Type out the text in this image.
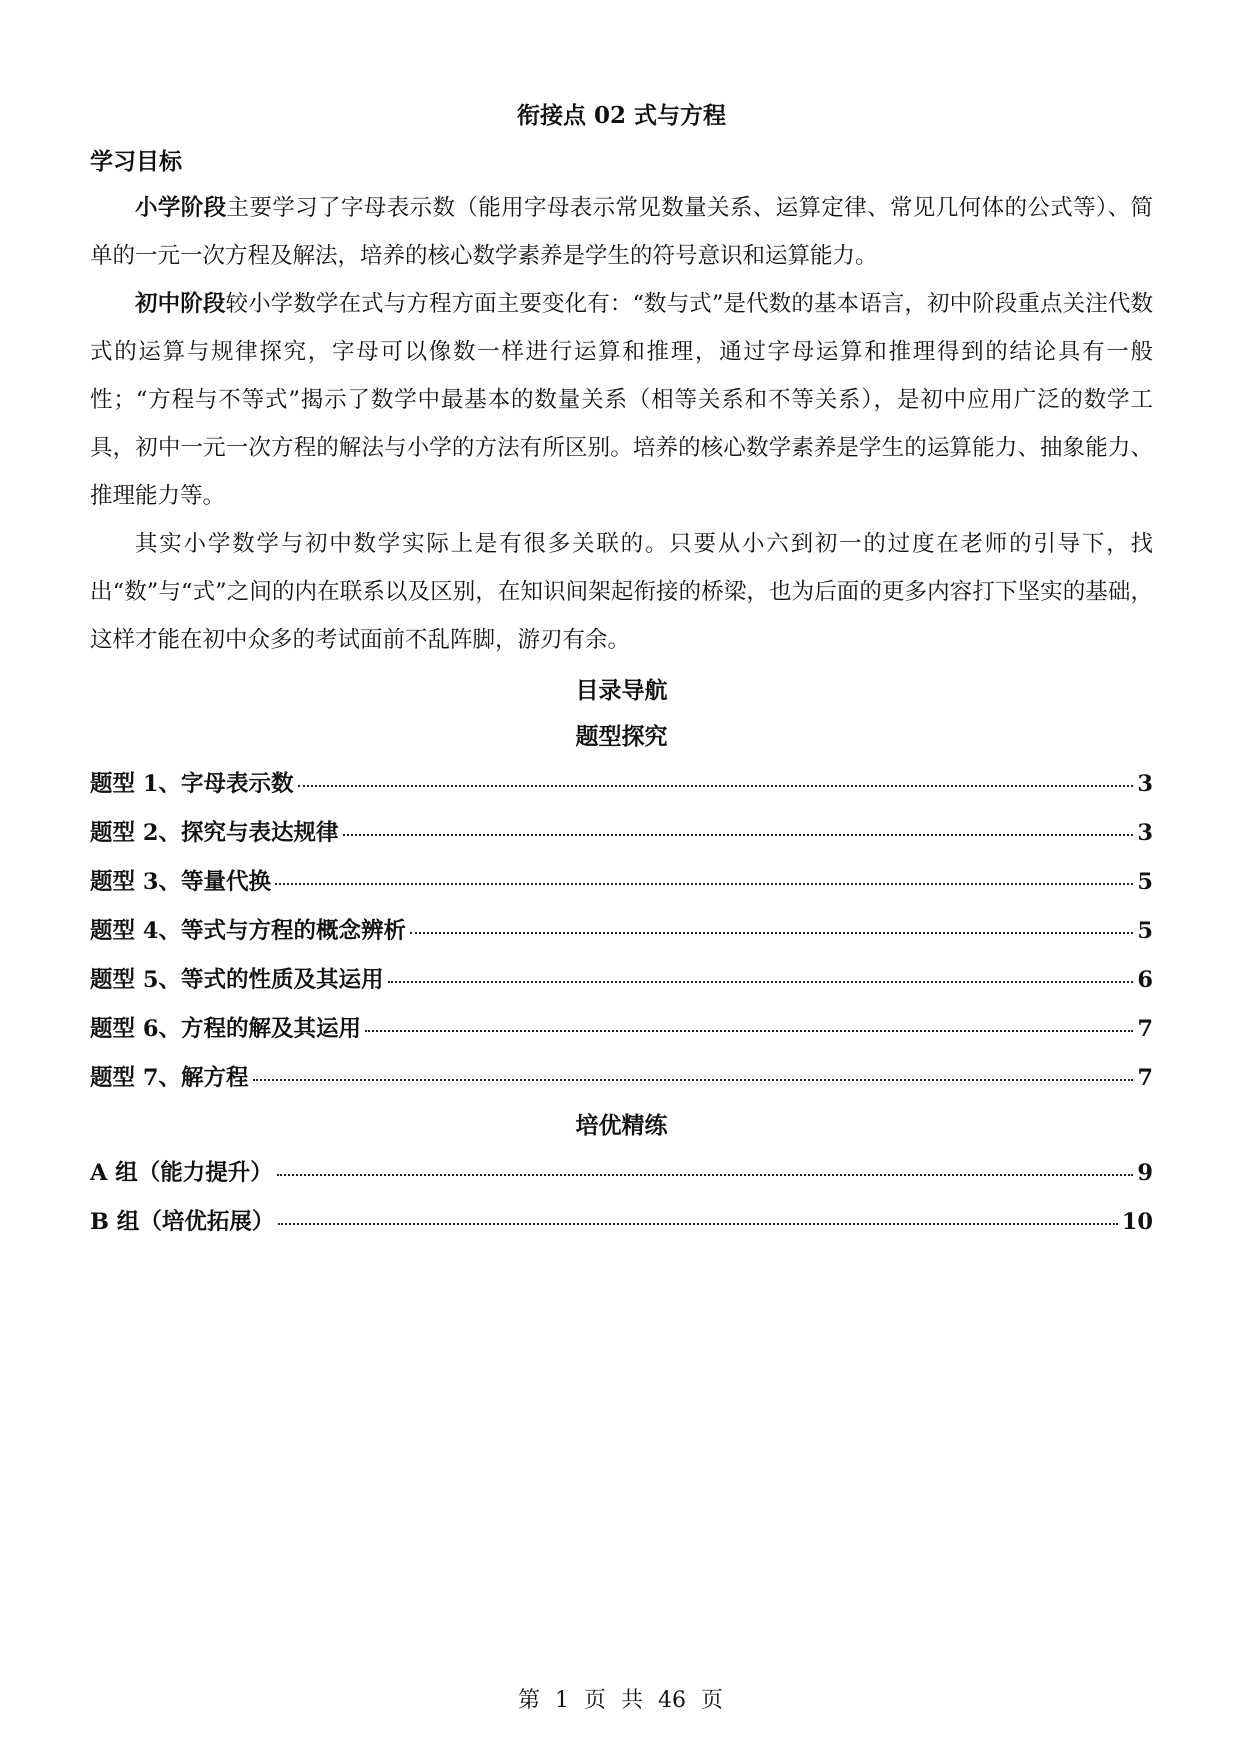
衔接点 02 式与方程
学习目标

小学阶段主要学习了字母表示数（能用字母表示常见数量关系、运算定律、常见几何体的公式等）、简单的一元一次方程及解法，培养的核心数学素养是学生的符号意识和运算能力。

初中阶段较小学数学在式与方程方面主要变化有：“数与式”是代数的基本语言，初中阶段重点关注代数式的运算与规律探究，字母可以像数一样进行运算和推理，通过字母运算和推理得到的结论具有一般性；“方程与不等式”揭示了数学中最基本的数量关系（相等关系和不等关系），是初中应用广泛的数学工具，初中一元一次方程的解法与小学的方法有所区别。培养的核心数学素养是学生的运算能力、抽象能力、推理能力等。

其实小学数学与初中数学实际上是有很多关联的。只要从小六到初一的过度在老师的引导下，找出“数”与“式”之间的内在联系以及区别，在知识间架起衔接的桥梁，也为后面的更多内容打下坚实的基础，这样才能在初中众多的考试面前不乱阵脚，游刃有余。

目录导航
题型探究
题型 1、字母表示数	3
题型 2、探究与表达规律	3
题型 3、等量代换	5
题型 4、等式与方程的概念辨析	5
题型 5、等式的性质及其运用	6
题型 6、方程的解及其运用	7
题型 7、解方程	7
培优精练
A 组（能力提升）	9
B 组（培优拓展）	10
第 1 页 共 46 页
